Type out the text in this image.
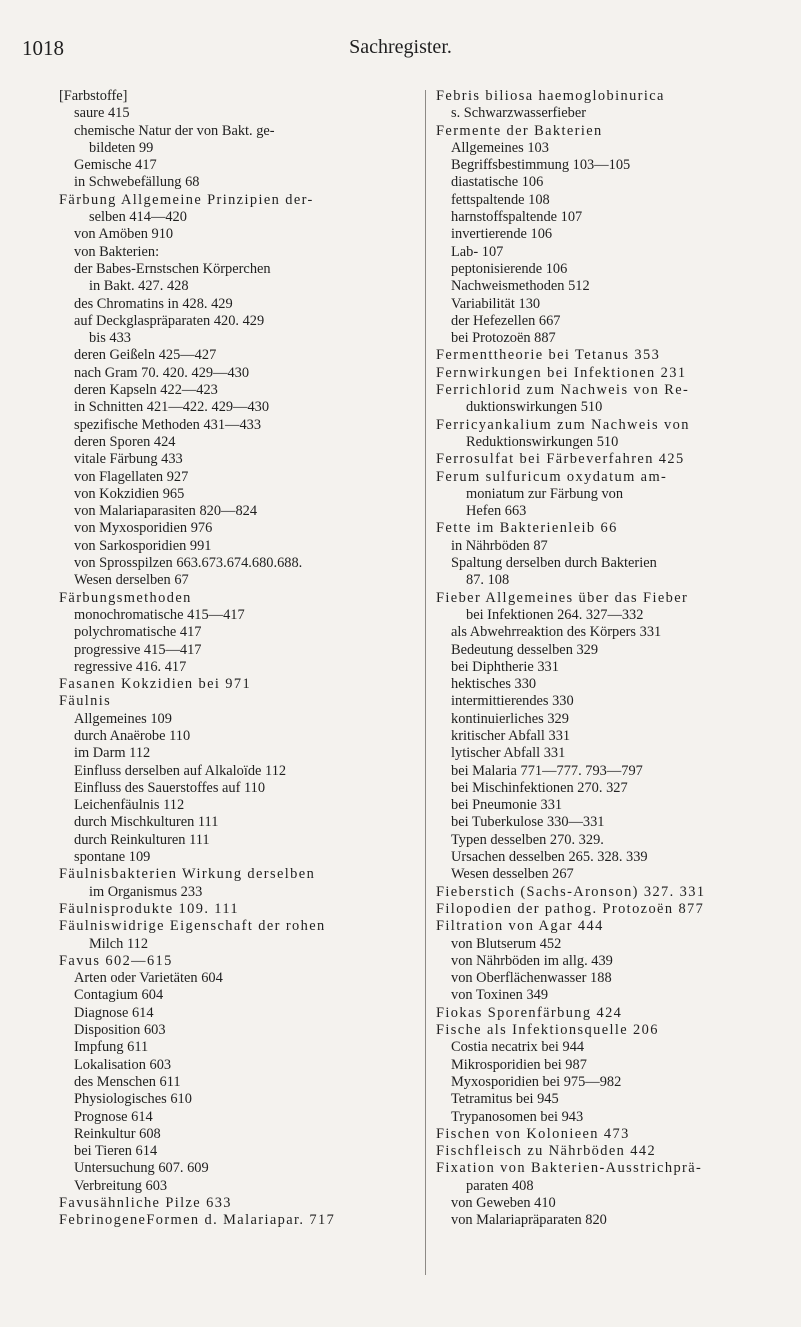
1018	Sachregister.
[Farbstoffe]
saure 415
chemische Natur der von Bakt. ge-
bildeten 99
Gemische 417
in Schwebefällung 68
Färbung Allgemeine Prinzipien der-
selben 414—420
von Amöben 910
von Bakterien:
der Babes-Ernstschen Körperchen
in Bakt. 427. 428
des Chromatins in 428. 429
auf Deckglaspräparaten 420. 429
bis 433
deren Geißeln 425—427
nach Gram 70. 420. 429—430
deren Kapseln 422—423
in Schnitten 421—422. 429—430
spezifische Methoden 431—433
deren Sporen 424
vitale Färbung 433
von Flagellaten 927
von Kokzidien 965
von Malariaparasiten 820—824
von Myxosporidien 976
von Sarkosporidien 991
von Sprosspilzen 663.673.674.680.688.
Wesen derselben 67
Färbungsmethoden
monochromatische 415—417
polychromatische 417
progressive 415—417
regressive 416. 417
Fasanen Kokzidien bei 971
Fäulnis
Allgemeines 109
durch Anaërobe 110
im Darm 112
Einfluss derselben auf Alkaloïde 112
Einfluss des Sauerstoffes auf 110
Leichenfäulnis 112
durch Mischkulturen 111
durch Reinkulturen 111
spontane 109
Fäulnisbakterien Wirkung derselben
im Organismus 233
Fäulnisprodukte 109. 111
Fäulniswidrige Eigenschaft der rohen
Milch 112
Favus 602—615
Arten oder Varietäten 604
Contagium 604
Diagnose 614
Disposition 603
Impfung 611
Lokalisation 603
des Menschen 611
Physiologisches 610
Prognose 614
Reinkultur 608
bei Tieren 614
Untersuchung 607. 609
Verbreitung 603
Favusähnliche Pilze 633
FebrinogeneFormen d. Malariapar. 717
Febris biliosa haemoglobinurica
s. Schwarzwasserfieber
Fermente der Bakterien
Allgemeines 103
Begriffsbestimmung 103—105
diastatische 106
fettspaltende 108
harnstoffspaltende 107
invertierende 106
Lab- 107
peptonisierende 106
Nachweismethoden 512
Variabilität 130
der Hefezellen 667
bei Protozoën 887
Fermenttheorie bei Tetanus 353
Fernwirkungen bei Infektionen 231
Ferrichlorid zum Nachweis von Re-
duktionswirkungen 510
Ferricyankalium zum Nachweis von
Reduktionswirkungen 510
Ferrosulfat bei Färbeverfahren 425
Ferum sulfuricum oxydatum am-
moniatum zur Färbung von
Hefen 663
Fette im Bakterienleib 66
in Nährböden 87
Spaltung derselben durch Bakterien
87. 108
Fieber Allgemeines über das Fieber
bei Infektionen 264. 327—332
als Abwehrreaktion des Körpers 331
Bedeutung desselben 329
bei Diphtherie 331
hektisches 330
intermittierendes 330
kontinuierliches 329
kritischer Abfall 331
lytischer Abfall 331
bei Malaria 771—777. 793—797
bei Mischinfektionen 270. 327
bei Pneumonie 331
bei Tuberkulose 330—331
Typen desselben 270. 329.
Ursachen desselben 265. 328. 339
Wesen desselben 267
Fieberstich (Sachs-Aronson) 327. 331
Filopodien der pathog. Protozoën 877
Filtration von Agar 444
von Blutserum 452
von Nährböden im allg. 439
von Oberflächenwasser 188
von Toxinen 349
Fiokas Sporenfärbung 424
Fische als Infektionsquelle 206
Costia necatrix bei 944
Mikrosporidien bei 987
Myxosporidien bei 975—982
Tetramitus bei 945
Trypanosomen bei 943
Fischen von Kolonieen 473
Fischfleisch zu Nährböden 442
Fixation von Bakterien-Ausstrichprä-
paraten 408
von Geweben 410
von Malariapräparaten 820
